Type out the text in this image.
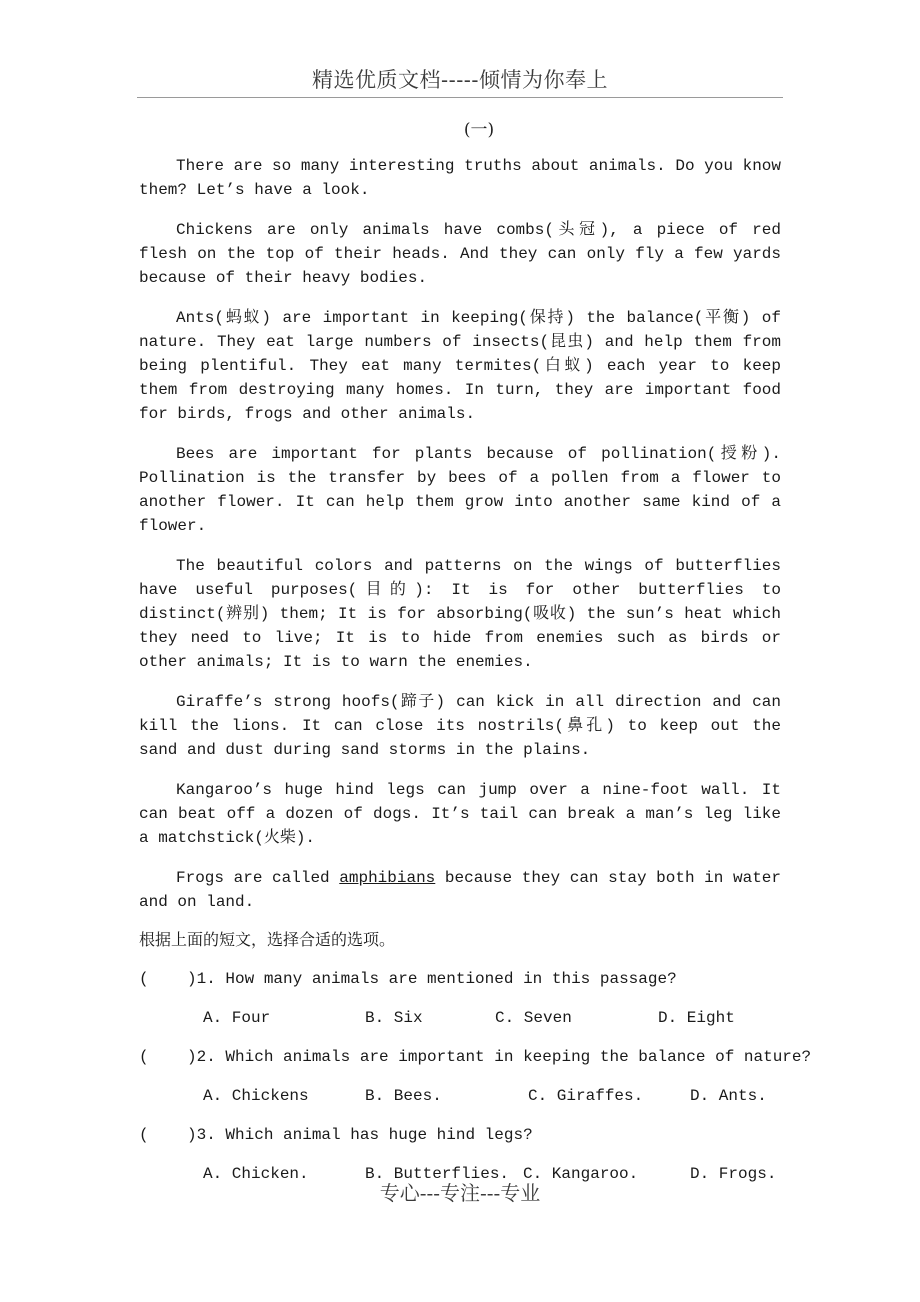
精选优质文档-----倾情为你奉上
(一)

There are so many interesting truths about animals. Do you know them? Let’s have a look.

Chickens are only animals have combs(头冠), a piece of red flesh on the top of their heads. And they can only fly a few yards because of their heavy bodies.

Ants(蚂蚁) are important in keeping(保持) the balance(平衡) of nature. They eat large numbers of insects(昆虫) and help them from being plentiful. They eat many termites(白蚁) each year to keep them from destroying many homes. In turn, they are important food for birds, frogs and other animals.

Bees are important for plants because of pollination(授粉). Pollination is the transfer by bees of a pollen from a flower to another flower. It can help them grow into another same kind of a flower.

The beautiful colors and patterns on the wings of butterflies have useful purposes(目的): It is for other butterflies to distinct(辨别) them; It is for absorbing(吸收) the sun’s heat which they need to live; It is to hide from enemies such as birds or other animals; It is to warn the enemies.

Giraffe’s strong hoofs(蹄子) can kick in all direction and can kill the lions. It can close its nostrils(鼻孔) to keep out the sand and dust during sand storms in the plains.

Kangaroo’s huge hind legs can jump over a nine-foot wall. It can beat off a dozen of dogs. It’s tail can break a man’s leg like a matchstick(火柴).

Frogs are called amphibians because they can stay both in water and on land.

根据上面的短文，选择合适的选项。

(    )1. How many animals are mentioned in this passage?
A. Four	B. Six	C. Seven	D. Eight
(    )2. Which animals are important in keeping the balance of nature?
A. Chickens	B. Bees.	C. Giraffes.	D. Ants.
(    )3. Which animal has huge hind legs?
A. Chicken.	B. Butterflies. C. Kangaroo.	D. Frogs.
专心---专注---专业
